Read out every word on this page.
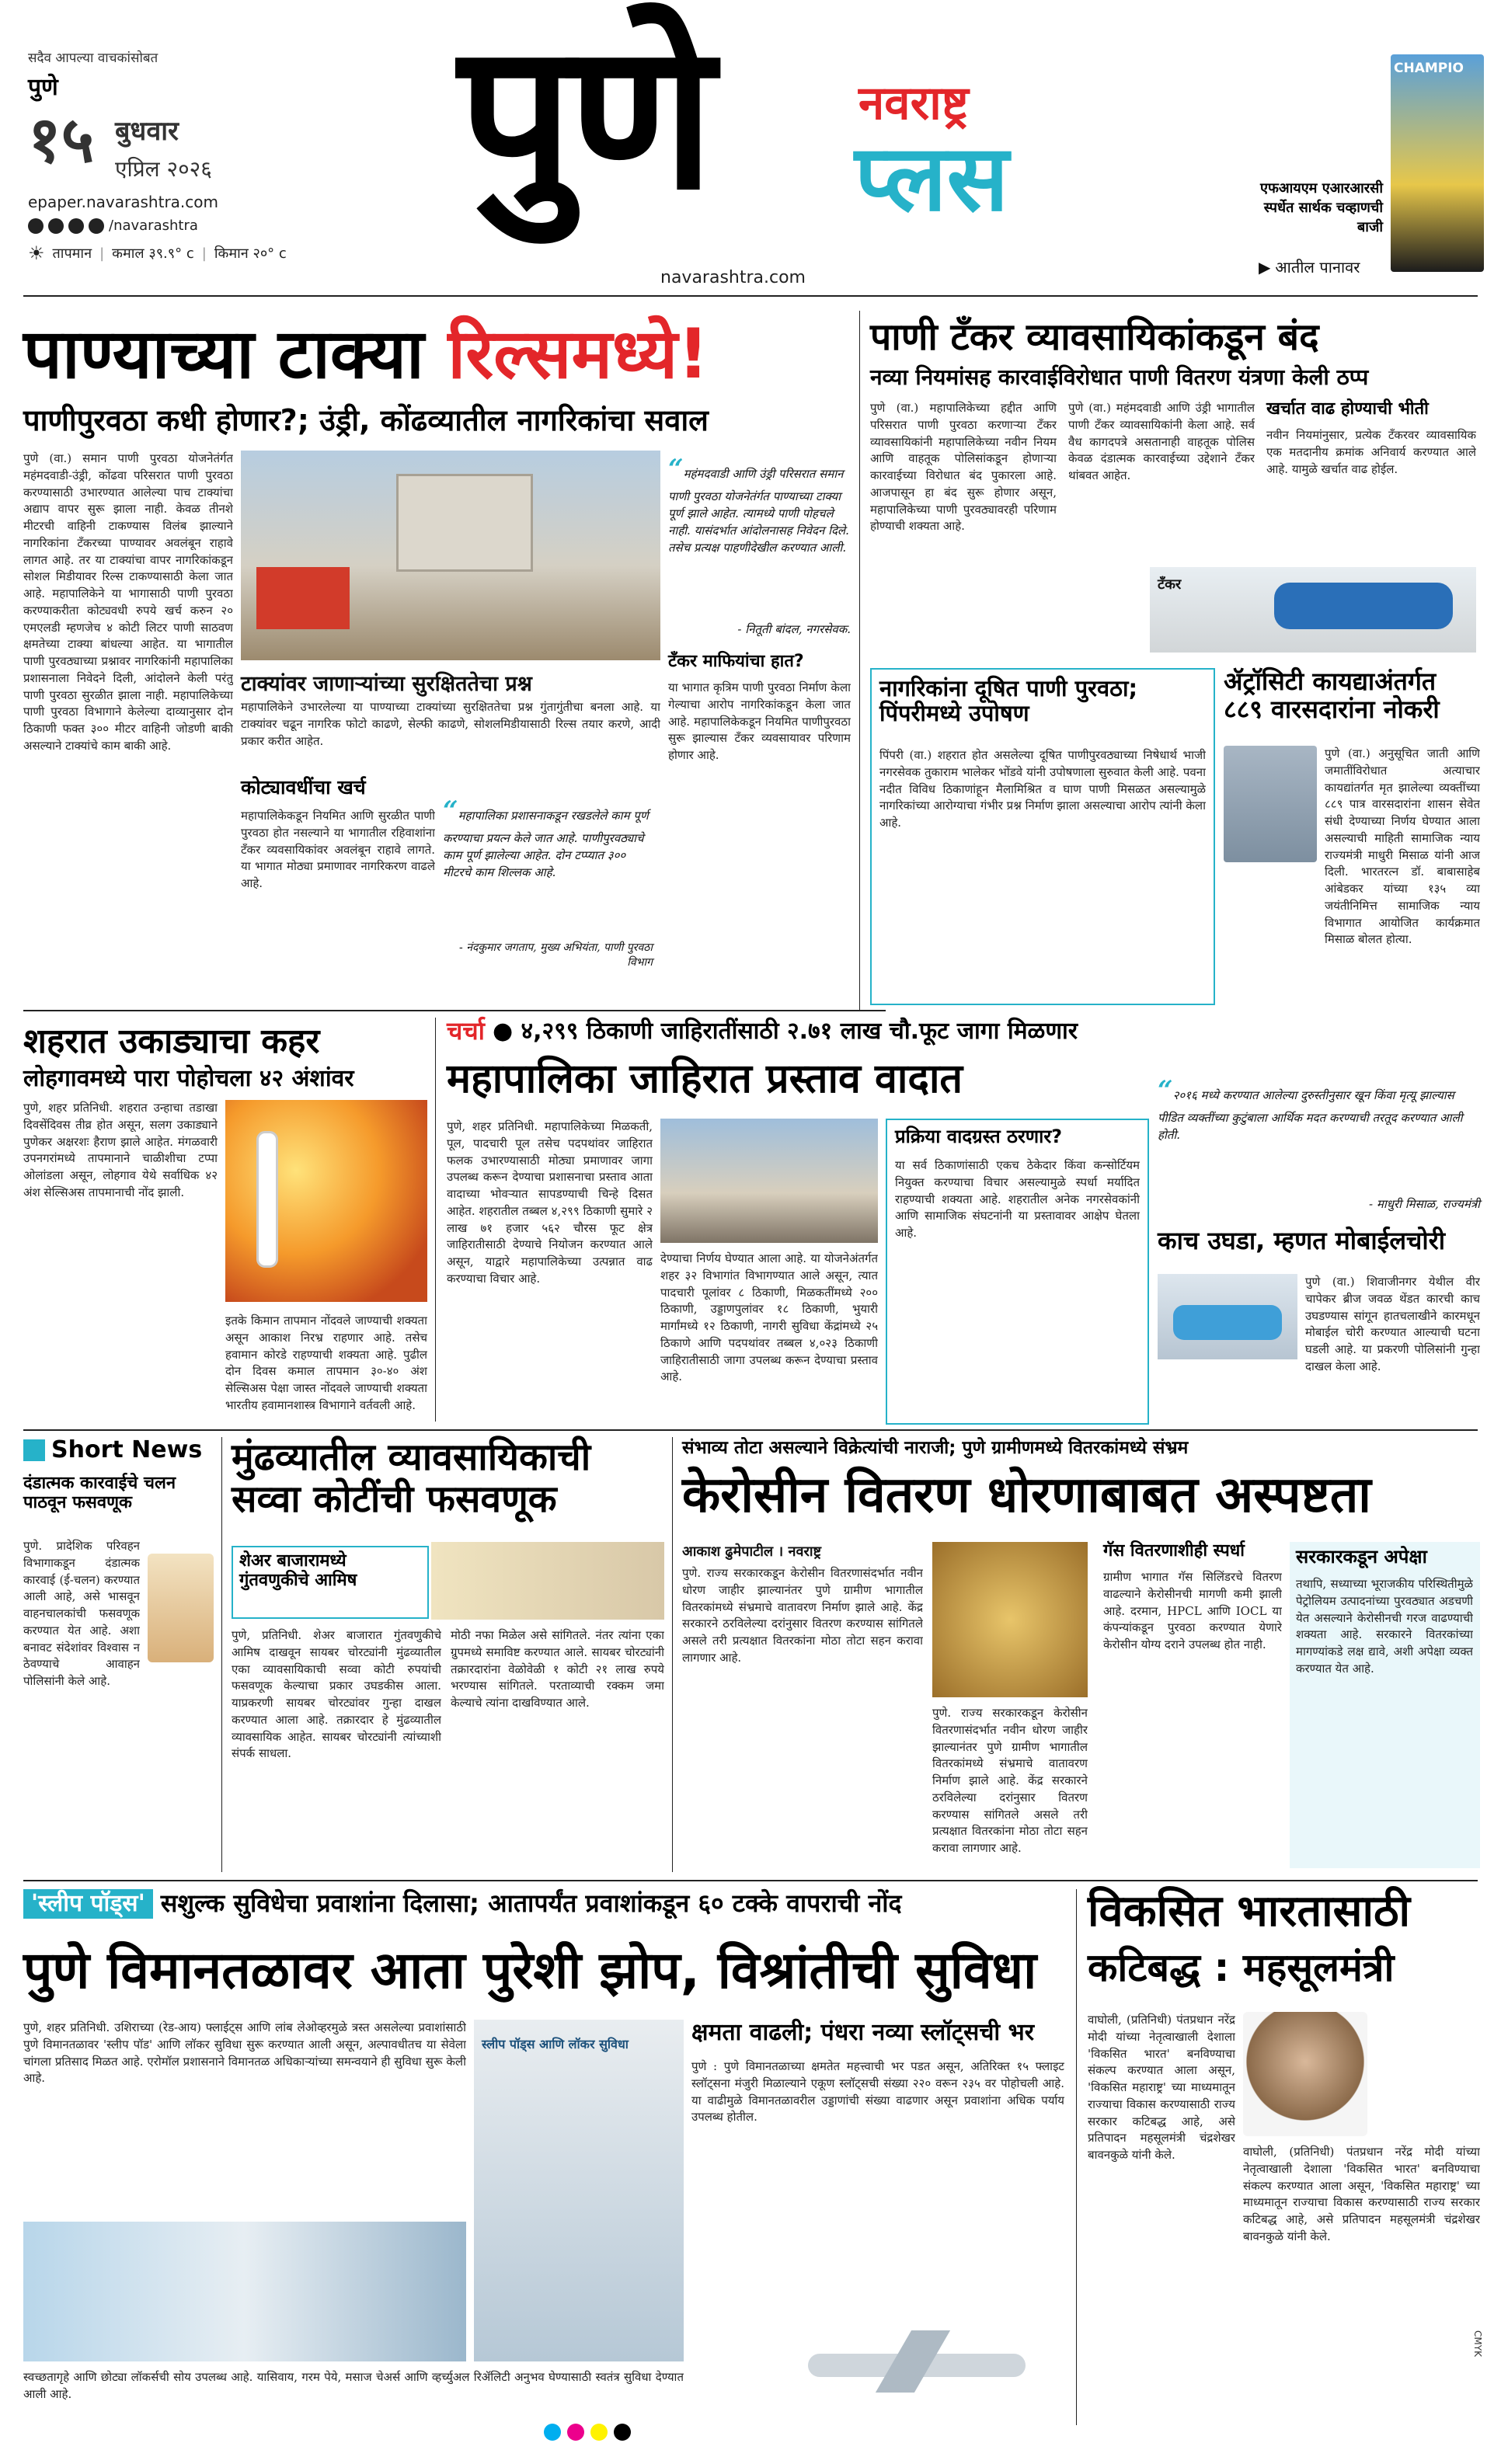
सदैव आपल्या वाचकांसोबत
पुणे
१५ बुधवार
एप्रिल २०२६
epaper.navarashtra.com
/navarashtra
☀ तापमान | कमाल ३९.९° c | किमान २०° c
पुणे	नवराष्ट्र
प्लस
navarashtra.com
एफआयएम एआरआरसी स्पर्धेत सार्थक चव्हाणची बाजी
CHAMPIO
▶ आतील पानावर
पाण्याच्या टाक्या रिल्समध्ये!
पाणीपुरवठा कधी होणार?; उंड्री, कोंढव्यातील नागरिकांचा सवाल
पुणे (वा.) समान पाणी पुरवठा योजनेतंर्गत महंमदवाडी-उंड्री, कोंढवा परिसरात पाणी पुरवठा करण्यासाठी उभारण्यात आलेल्या पाच टाक्यांचा अद्याप वापर सुरू झाला नाही. केवळ तीनशे मीटरची वाहिनी टाकण्यास विलंब झाल्याने नागरिकांना टँकरच्या पाण्यावर अवलंबून राहावे लागत आहे. तर या टाक्यांचा वापर नागरिकांकडून सोशल मिडीयावर रिल्स टाकण्यासाठी केला जात आहे. महापालिकेने या भागासाठी पाणी पुरवठा करण्याकरीता कोट्यवधी रुपये खर्च करुन २० एमएलडी म्हणजेच ४ कोटी लिटर पाणी साठवण क्षमतेच्या टाक्या बांधल्या आहेत. या भागातील पाणी पुरवठ्याच्या प्रश्नावर नागरिकांनी महापालिका प्रशासनाला निवेदने दिली, आंदोलने केली परंतु पाणी पुरवठा सुरळीत झाला नाही. महापालिकेच्या पाणी पुरवठा विभागाने केलेल्या दाव्यानुसार दोन ठिकाणी फक्त ३०० मीटर वाहिनी जोडणी बाकी असल्याने टाक्यांचे काम बाकी आहे.
टाक्यांवर जाणाऱ्यांच्या सुरक्षिततेचा प्रश्न
महापालिकेने उभारलेल्या या पाण्याच्या टाक्यांच्या सुरक्षिततेचा प्रश्न गुंतागुंतीचा बनला आहे. या टाक्यांवर चढून नागरिक फोटो काढणे, सेल्फी काढणे, सोशलमिडीयासाठी रिल्स तयार करणे, आदी प्रकार करीत आहेत.
“महंमदवाडी आणि उंड्री परिसरात समान पाणी पुरवठा योजनेतंर्गत पाण्याच्या टाक्या पूर्ण झाले आहेत. त्यामध्ये पाणी पोहचले नाही. यासंदर्भात आंदोलनासह निवेदन दिले. तसेच प्रत्यक्ष पाहणीदेखील करण्यात आली.
- नितूती बांदल, नगरसेवक.
टँकर माफियांचा हात?
या भागात कृत्रिम पाणी पुरवठा निर्माण केला गेल्याचा आरोप नागरिकांकडून केला जात आहे. महापालिकेकडून नियमित पाणीपुरवठा सुरू झाल्यास टँकर व्यवसायावर परिणाम होणार आहे.
कोट्यावधींचा खर्च
महापालिकेकडून नियमित आणि सुरळीत पाणी पुरवठा होत नसल्याने या भागातील रहिवाशांना टँकर व्यवसायिकांवर अवलंबून राहावे लागते. या भागात मोठ्या प्रमाणावर नागरिकरण वाढले आहे.
“महापालिका प्रशासनाकडून रखडलेले काम पूर्ण करण्याचा प्रयत्न केले जात आहे. पाणीपुरवठ्याचे काम पूर्ण झालेल्या आहेत. दोन टप्प्यात ३०० मीटरचे काम शिल्लक आहे.
- नंदकुमार जगताप, मुख्य अभियंता, पाणी पुरवठा विभाग
पाणी टँकर व्यावसायिकांकडून बंद
नव्या नियमांसह कारवाईविरोधात पाणी वितरण यंत्रणा केली ठप्प
पुणे (वा.) महापालिकेच्या हद्दीत आणि परिसरात पाणी पुरवठा करणाऱ्या टँकर व्यावसायिकांनी महापालिकेच्या नवीन नियम आणि वाहतूक पोलिसांकडून होणाऱ्या कारवाईच्या विरोधात बंद पुकारला आहे. आजपासून हा बंद सुरू होणार असून, महापालिकेच्या पाणी पुरवठ्यावरही परिणाम होण्याची शक्यता आहे.
पुणे (वा.) महंमदवाडी आणि उंड्री भागातील पाणी टँकर व्यावसायिकांनी केला आहे. सर्व वैध कागदपत्रे असतानाही वाहतूक पोलिस केवळ दंडात्मक कारवाईच्या उद्देशाने टँकर थांबवत आहेत.
खर्चात वाढ होण्याची भीती
नवीन नियमांनुसार, प्रत्येक टँकरवर व्यावसायिक एक मतदानीय क्रमांक अनिवार्य करण्यात आले आहे. यामुळे खर्चात वाढ होईल.
टँकर
नागरिकांना दूषित पाणी पुरवठा; पिंपरीमध्ये उपोषण
पिंपरी (वा.) शहरात होत असलेल्या दूषित पाणीपुरवठ्याच्या निषेधार्थ भाजी नगरसेवक तुकाराम भालेकर भोंडवे यांनी उपोषणाला सुरुवात केली आहे. पवना नदीत विविध ठिकाणांहून मैलामिश्रित व घाण पाणी मिसळत असल्यामुळे नागरिकांच्या आरोग्याचा गंभीर प्रश्न निर्माण झाला असल्याचा आरोप त्यांनी केला आहे.
ॲट्रॉसिटी कायद्याअंतर्गत ८८९ वारसदारांना नोकरी
पुणे (वा.) अनुसूचित जाती आणि जमातींविरोधात अत्याचार कायद्यांतर्गत मृत झालेल्या व्यक्तींच्या ८८९ पात्र वारसदारांना शासन सेवेत संधी देण्याच्या निर्णय घेण्यात आला असल्याची माहिती सामाजिक न्याय राज्यमंत्री माधुरी मिसाळ यांनी आज दिली. भारतरत्न डॉ. बाबासाहेब आंबेडकर यांच्या १३५ व्या जयंतीनिमित्त सामाजिक न्याय विभागात आयोजित कार्यक्रमात मिसाळ बोलत होत्या.
शहरात उकाड्याचा कहर
लोहगावमध्ये पारा पोहोचला ४२ अंशांवर
पुणे, शहर प्रतिनिधी. शहरात उन्हाचा तडाखा दिवसेंदिवस तीव्र होत असून, सलग उकाड्याने पुणेकर अक्षरशः हैराण झाले आहेत. मंगळवारी उपनगरांमध्ये तापमानाने चाळीशीचा टप्पा ओलांडला असून, लोहगाव येथे सर्वाधिक ४२ अंश सेल्सिअस तापमानाची नोंद झाली.
इतके किमान तापमान नोंदवले जाण्याची शक्यता असून आकाश निरभ्र राहणार आहे. तसेच हवामान कोरडे राहण्याची शक्यता आहे. पुढील दोन दिवस कमाल तापमान ३०-४० अंश सेल्सिअस पेक्षा जास्त नोंदवले जाण्याची शक्यता भारतीय हवामानशास्त्र विभागाने वर्तवली आहे.
चर्चा ● ४,२९९ ठिकाणी जाहिरातींसाठी २.७१ लाख चौ.फूट जागा मिळणार
महापालिका जाहिरात प्रस्ताव वादात
पुणे, शहर प्रतिनिधी. महापालिकेच्या मिळकती, पूल, पादचारी पूल तसेच पदपथांवर जाहिरात फलक उभारण्यासाठी मोठ्या प्रमाणावर जागा उपलब्ध करून देण्याचा प्रशासनाचा प्रस्ताव आता वादाच्या भोवऱ्यात सापडण्याची चिन्हे दिसत आहेत. शहरातील तब्बल ४,२९९ ठिकाणी सुमारे २ लाख ७१ हजार ५६२ चौरस फूट क्षेत्र जाहिरातीसाठी देण्याचे नियोजन करण्यात आले असून, याद्वारे महापालिकेच्या उत्पन्नात वाढ करण्याचा विचार आहे.
देण्याचा निर्णय घेण्यात आला आहे. या योजनेअंतर्गत शहर ३२ विभागांत विभागण्यात आले असून, त्यात पादचारी पूलांवर ८ ठिकाणी, मिळकतींमध्ये २०० ठिकाणी, उड्डाणपुलांवर १८ ठिकाणी, भुयारी मार्गांमध्ये १२ ठिकाणी, नागरी सुविधा केंद्रांमध्ये २५ ठिकाणे आणि पदपथांवर तब्बल ४,०२३ ठिकाणी जाहिरातीसाठी जागा उपलब्ध करून देण्याचा प्रस्ताव आहे.
प्रक्रिया वादग्रस्त ठरणार?
या सर्व ठिकाणांसाठी एकच ठेकेदार किंवा कन्सोर्टियम नियुक्त करण्याचा विचार असल्यामुळे स्पर्धा मर्यादित राहण्याची शक्यता आहे. शहरातील अनेक नगरसेवकांनी आणि सामाजिक संघटनांनी या प्रस्तावावर आक्षेप घेतला आहे.
“२०१६ मध्ये करण्यात आलेल्या दुरुस्तीनुसार खून किंवा मृत्यू झाल्यास पीडित व्यक्तींच्या कुटुंबाला आर्थिक मदत करण्याची तरतूद करण्यात आली होती.
- माधुरी मिसाळ, राज्यमंत्री
काच उघडा, म्हणत मोबाईलचोरी
पुणे (वा.) शिवाजीनगर येथील वीर चापेकर ब्रीज जवळ थेंडत कारची काच उघडण्यास सांगून हातचलाखीने कारमधून मोबाईल चोरी करण्यात आल्याची घटना घडली आहे. या प्रकरणी पोलिसांनी गुन्हा दाखल केला आहे.
Short News
दंडात्मक कारवाईचे चलन पाठवून फसवणूक
पुणे. प्रादेशिक परिवहन विभागाकडून दंडात्मक कारवाई (ई-चलन) करण्यात आली आहे, असे भासवून वाहनचालकांची फसवणूक करण्यात येत आहे. अशा बनावट संदेशांवर विश्वास न ठेवण्याचे आवाहन पोलिसांनी केले आहे.
मुंढव्यातील व्यावसायिकाची सव्वा कोटींची फसवणूक
शेअर बाजारामध्ये गुंतवणुकीचे आमिष
पुणे, प्रतिनिधी. शेअर बाजारात गुंतवणुकीचे आमिष दाखवून सायबर चोरट्यांनी मुंढव्यातील एका व्यावसायिकाची सव्वा कोटी रुपयांची फसवणूक केल्याचा प्रकार उघडकीस आला. याप्रकरणी सायबर चोरट्यांवर गुन्हा दाखल करण्यात आला आहे. तक्रारदार हे मुंढव्यातील व्यावसायिक आहेत. सायबर चोरट्यांनी त्यांच्याशी संपर्क साधला.
मोठी नफा मिळेल असे सांगितले. नंतर त्यांना एका ग्रुपमध्ये समाविष्ट करण्यात आले. सायबर चोरट्यांनी तक्रारदारांना वेळोवेळी १ कोटी २१ लाख रुपये भरण्यास सांगितले. परताव्याची रक्कम जमा केल्याचे त्यांना दाखविण्यात आले.
संभाव्य तोटा असल्याने विक्रेत्यांची नाराजी; पुणे ग्रामीणमध्ये वितरकांमध्ये संभ्रम
केरोसीन वितरण धोरणाबाबत अस्पष्टता
आकाश ढुमेपाटील । नवराष्ट्र
पुणे. राज्य सरकारकडून केरोसीन वितरणासंदर्भात नवीन धोरण जाहीर झाल्यानंतर पुणे ग्रामीण भागातील वितरकांमध्ये संभ्रमाचे वातावरण निर्माण झाले आहे. केंद्र सरकारने ठरविलेल्या दरांनुसार वितरण करण्यास सांगितले असले तरी प्रत्यक्षात वितरकांना मोठा तोटा सहन करावा लागणार आहे.
गॅस वितरणाशीही स्पर्धा
ग्रामीण भागात गॅस सिलिंडरचे वितरण वाढल्याने केरोसीनची मागणी कमी झाली आहे. दरमान, HPCL आणि IOCL या कंपन्यांकडून पुरवठा करण्यात येणारे केरोसीन योग्य दराने उपलब्ध होत नाही.
पुणे. राज्य सरकारकडून केरोसीन वितरणासंदर्भात नवीन धोरण जाहीर झाल्यानंतर पुणे ग्रामीण भागातील वितरकांमध्ये संभ्रमाचे वातावरण निर्माण झाले आहे. केंद्र सरकारने ठरविलेल्या दरांनुसार वितरण करण्यास सांगितले असले तरी प्रत्यक्षात वितरकांना मोठा तोटा सहन करावा लागणार आहे.
सरकारकडून अपेक्षा
तथापि, सध्याच्या भूराजकीय परिस्थितीमुळे पेट्रोलियम उत्पादनांच्या पुरवठ्यात अडचणी येत असल्याने केरोसीनची गरज वाढण्याची शक्यता आहे. सरकारने वितरकांच्या मागण्यांकडे लक्ष द्यावे, अशी अपेक्षा व्यक्त करण्यात येत आहे.
'स्लीप पॉड्स' सशुल्क सुविधेचा प्रवाशांना दिलासा; आतापर्यंत प्रवाशांकडून ६० टक्के वापराची नोंद
पुणे विमानतळावर आता पुरेशी झोप, विश्रांतीची सुविधा
पुणे, शहर प्रतिनिधी. उशिराच्या (रेड-आय) फ्लाईट्स आणि लांब लेओव्हरमुळे त्रस्त असलेल्या प्रवाशांसाठी पुणे विमानतळावर 'स्लीप पॉड' आणि लॉकर सुविधा सुरू करण्यात आली असून, अल्पावधीतच या सेवेला चांगला प्रतिसाद मिळत आहे. एरोमॉल प्रशासनाने विमानतळ अधिकाऱ्यांच्या समन्वयाने ही सुविधा सुरू केली आहे.
स्लीप पॉड्स आणि लॉकर सुविधा
स्वच्छतागृहे आणि छोट्या लॉकर्सची सोय उपलब्ध आहे. यासिवाय, गरम पेये, मसाज चेअर्स आणि व्हर्च्युअल रिॲलिटी अनुभव घेण्यासाठी स्वतंत्र सुविधा देण्यात आली आहे.
क्षमता वाढली; पंधरा नव्या स्लॉट्सची भर
पुणे : पुणे विमानतळाच्या क्षमतेत महत्त्वाची भर पडत असून, अतिरिक्त १५ फ्लाइट स्लॉट्सना मंजुरी मिळाल्याने एकूण स्लॉट्सची संख्या २२० वरून २३५ वर पोहोचली आहे. या वाढीमुळे विमानतळावरील उड्डाणांची संख्या वाढणार असून प्रवाशांना अधिक पर्याय उपलब्ध होतील.
विकसित भारतासाठी
कटिबद्ध : महसूलमंत्री
वाघोली, (प्रतिनिधी) पंतप्रधान नरेंद्र मोदी यांच्या नेतृत्वाखाली देशाला 'विकसित भारत' बनविण्याचा संकल्प करण्यात आला असून, 'विकसित महाराष्ट्र' च्या माध्यमातून राज्याचा विकास करण्यासाठी राज्य सरकार कटिबद्ध आहे, असे प्रतिपादन महसूलमंत्री चंद्रशेखर बावनकुळे यांनी केले.	वाघोली, (प्रतिनिधी) पंतप्रधान नरेंद्र मोदी यांच्या नेतृत्वाखाली देशाला 'विकसित भारत' बनविण्याचा संकल्प करण्यात आला असून, 'विकसित महाराष्ट्र' च्या माध्यमातून राज्याचा विकास करण्यासाठी राज्य सरकार कटिबद्ध आहे, असे प्रतिपादन महसूलमंत्री चंद्रशेखर बावनकुळे यांनी केले.
CMYK
